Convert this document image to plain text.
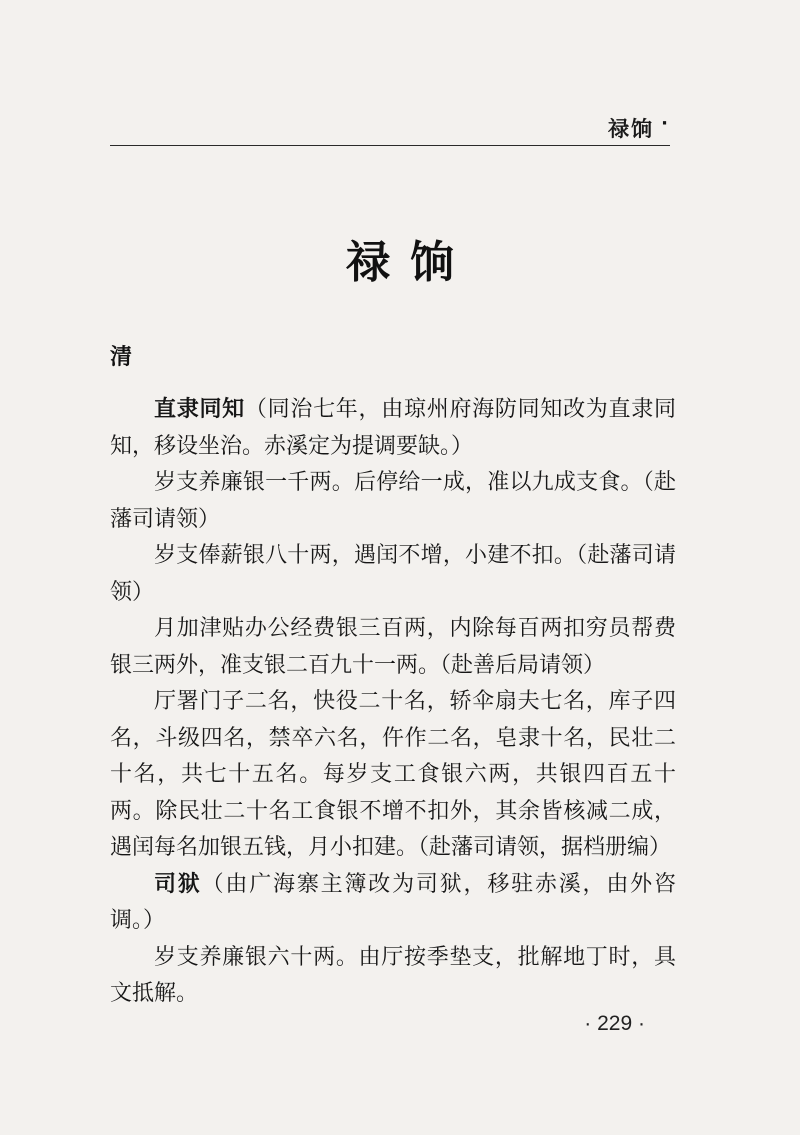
禄饷 ·
禄饷
清

直隶同知（同治七年，由琼州府海防同知改为直隶同知，移设坐治。赤溪定为提调要缺。）

岁支养廉银一千两。后停给一成，准以九成支食。（赴藩司请领）

岁支俸薪银八十两，遇闰不增，小建不扣。（赴藩司请领）

月加津贴办公经费银三百两，内除每百两扣穷员帮费银三两外，准支银二百九十一两。（赴善后局请领）

厅署门子二名，快役二十名，轿伞扇夫七名，库子四名，斗级四名，禁卒六名，仵作二名，皂隶十名，民壮二十名，共七十五名。每岁支工食银六两，共银四百五十两。除民壮二十名工食银不增不扣外，其余皆核减二成，遇闰每名加银五钱，月小扣建。（赴藩司请领，据档册编）

司狱（由广海寨主簿改为司狱，移驻赤溪，由外咨调。）

岁支养廉银六十两。由厅按季垫支，批解地丁时，具文抵解。

· 229 ·
